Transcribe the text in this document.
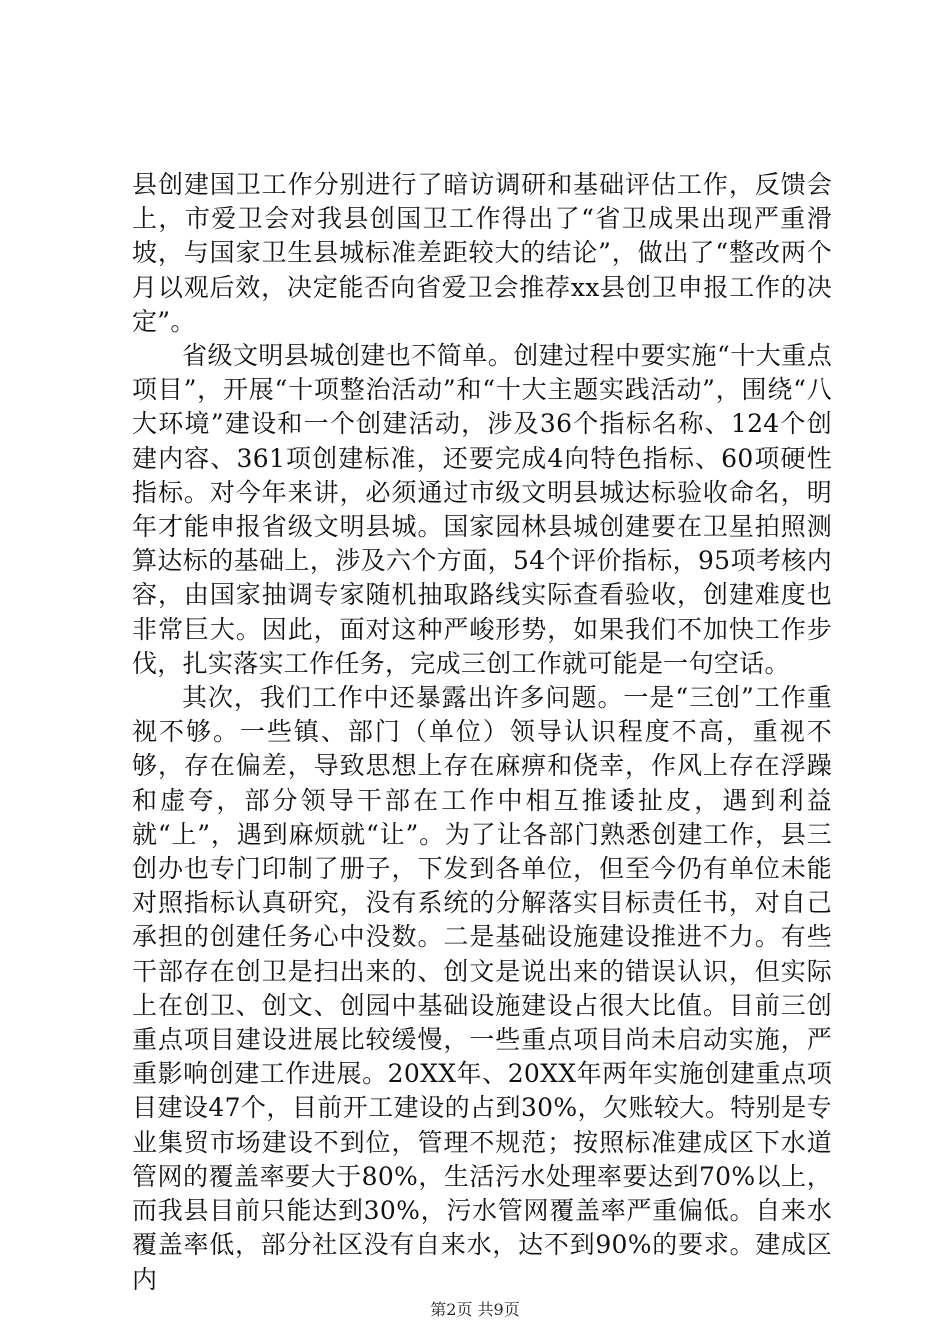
县创建国卫工作分别进行了暗访调研和基础评估工作，反馈会上，市爱卫会对我县创国卫工作得出了“省卫成果出现严重滑坡，与国家卫生县城标准差距较大的结论”，做出了“整改两个月以观后效，决定能否向省爱卫会推荐xx县创卫申报工作的决定”。

省级文明县城创建也不简单。创建过程中要实施“十大重点项目”，开展“十项整治活动”和“十大主题实践活动”，围绕“八大环境”建设和一个创建活动，涉及36个指标名称、124个创建内容、361项创建标准，还要完成4向特色指标、60项硬性指标。对今年来讲，必须通过市级文明县城达标验收命名，明年才能申报省级文明县城。国家园林县城创建要在卫星拍照测算达标的基础上，涉及六个方面，54个评价指标，95项考核内容，由国家抽调专家随机抽取路线实际查看验收，创建难度也非常巨大。因此，面对这种严峻形势，如果我们不加快工作步伐，扎实落实工作任务，完成三创工作就可能是一句空话。

其次，我们工作中还暴露出许多问题。一是“三创”工作重视不够。一些镇、部门（单位）领导认识程度不高，重视不够，存在偏差，导致思想上存在麻痹和侥幸，作风上存在浮躁和虚夸，部分领导干部在工作中相互推诿扯皮，遇到利益就“上”，遇到麻烦就“让”。为了让各部门熟悉创建工作，县三创办也专门印制了册子，下发到各单位，但至今仍有单位未能对照指标认真研究，没有系统的分解落实目标责任书，对自己承担的创建任务心中没数。二是基础设施建设推进不力。有些干部存在创卫是扫出来的、创文是说出来的错误认识，但实际上在创卫、创文、创园中基础设施建设占很大比值。目前三创重点项目建设进展比较缓慢，一些重点项目尚未启动实施，严重影响创建工作进展。20XX年、20XX年两年实施创建重点项目建设47个，目前开工建设的占到30%，欠账较大。特别是专业集贸市场建设不到位，管理不规范；按照标准建成区下水道管网的覆盖率要大于80%，生活污水处理率要达到70%以上，而我县目前只能达到30%，污水管网覆盖率严重偏低。自来水覆盖率低，部分社区没有自来水，达不到90%的要求。建成区内

第2页 共9页
